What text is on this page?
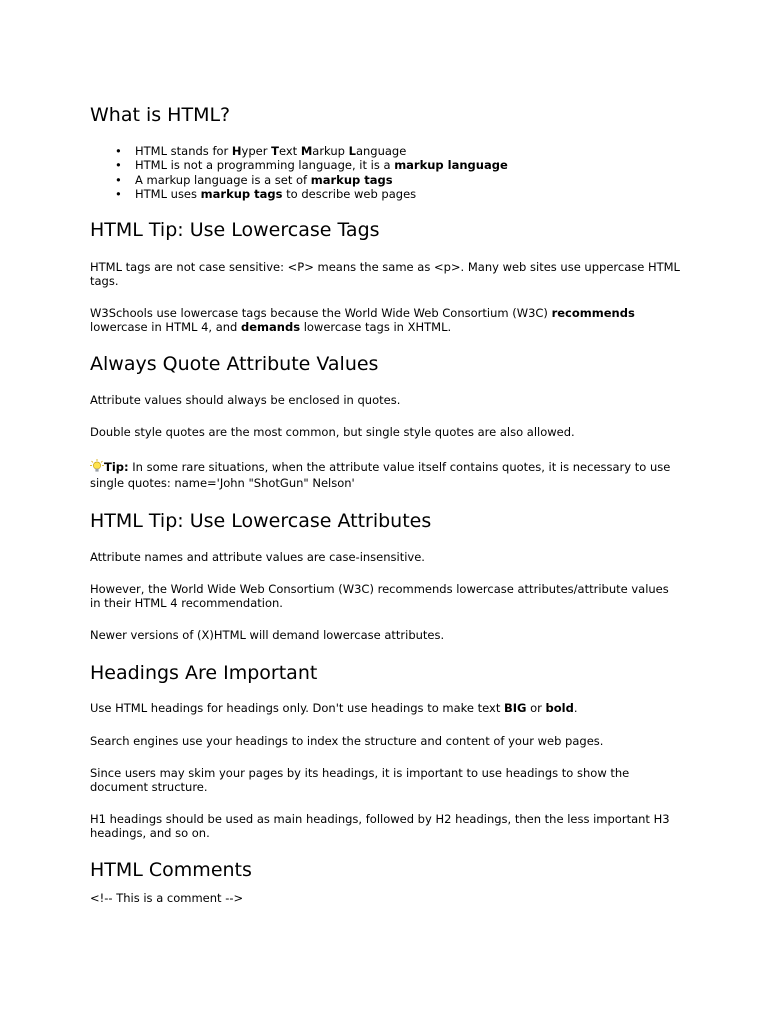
What is HTML?
• HTML stands for Hyper Text Markup Language
• HTML is not a programming language, it is a markup language
• A markup language is a set of markup tags
• HTML uses markup tags to describe web pages
HTML Tip: Use Lowercase Tags

HTML tags are not case sensitive: <P> means the same as <p>. Many web sites use uppercase HTML tags.

W3Schools use lowercase tags because the World Wide Web Consortium (W3C) recommends lowercase in HTML 4, and demands lowercase tags in XHTML.

Always Quote Attribute Values

Attribute values should always be enclosed in quotes.

Double style quotes are the most common, but single style quotes are also allowed.

Tip: In some rare situations, when the attribute value itself contains quotes, it is necessary to use single quotes: name='John "ShotGun" Nelson'

HTML Tip: Use Lowercase Attributes

Attribute names and attribute values are case-insensitive.

However, the World Wide Web Consortium (W3C) recommends lowercase attributes/attribute values in their HTML 4 recommendation.

Newer versions of (X)HTML will demand lowercase attributes.

Headings Are Important

Use HTML headings for headings only. Don't use headings to make text BIG or bold.

Search engines use your headings to index the structure and content of your web pages.

Since users may skim your pages by its headings, it is important to use headings to show the document structure.

H1 headings should be used as main headings, followed by H2 headings, then the less important H3 headings, and so on.

HTML Comments

<!-- This is a comment -->
